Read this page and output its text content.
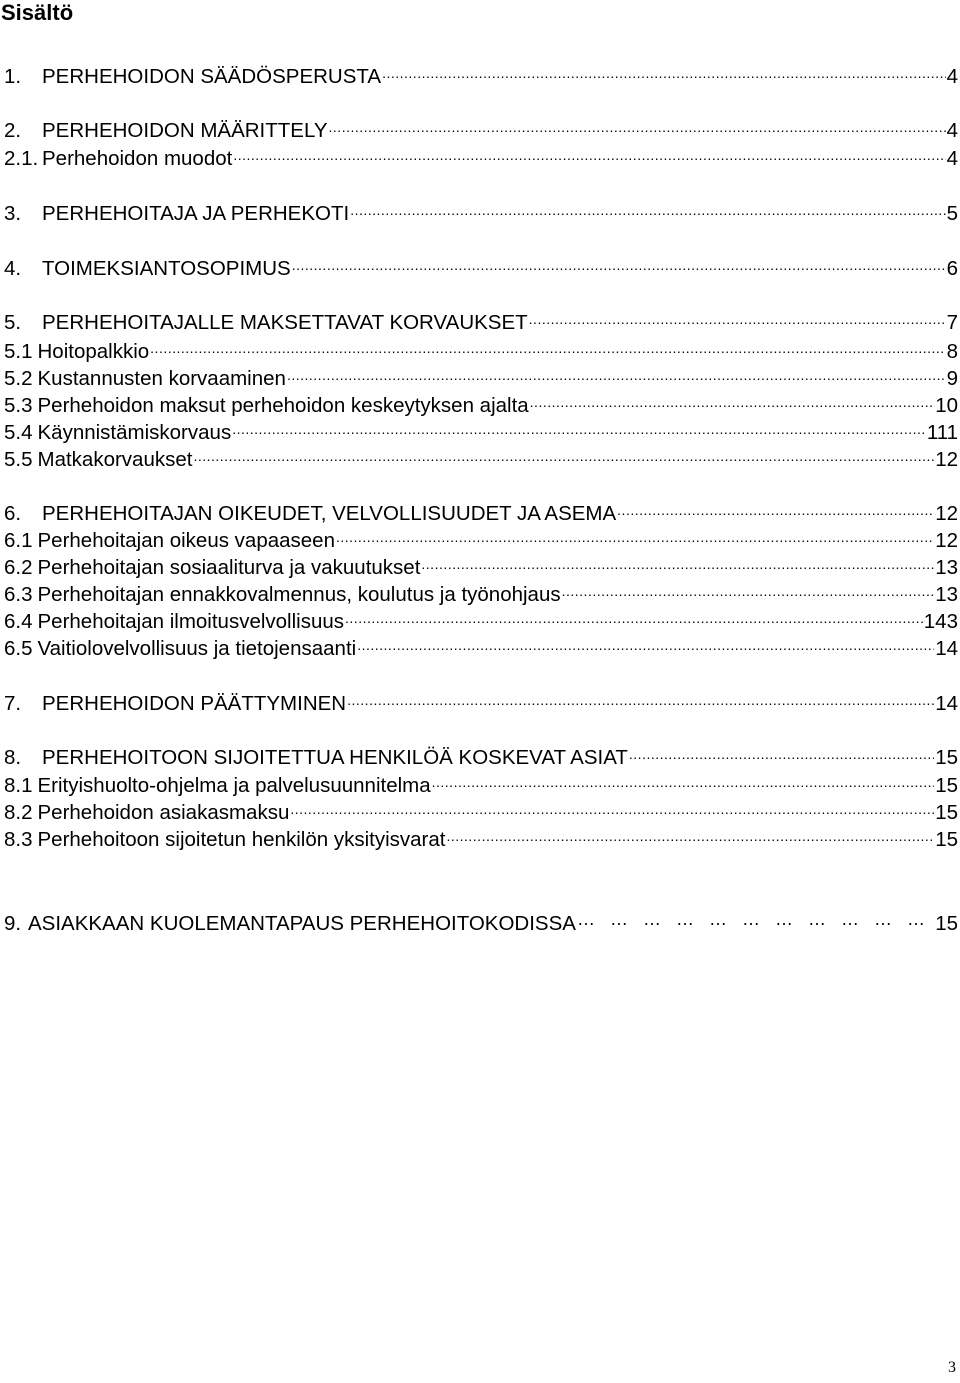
Sisältö
1.	PERHEHOIDON SÄÄDÖSPERUSTA .....	4
2.	PERHEHOIDON MÄÄRITTELY .....	4
2.1. Perhehoidon muodot .....	4
3.	PERHEHOITAJA JA PERHEKOTI .....	5
4.	TOIMEKSIANTOSOPIMUS .....	6
5.	PERHEHOITAJALLE MAKSETTAVAT KORVAUKSET .....	7
5.1 Hoitopalkkio .....	8
5.2 Kustannusten korvaaminen .....	9
5.3 Perhehoidon maksut perhehoidon keskeytyksen ajalta .....	10
5.4 Käynnistämiskorvaus .....	111
5.5 Matkakorvaukset .....	12
6.	PERHEHOITAJAN OIKEUDET, VELVOLLISUUDET JA ASEMA .....	12
6.1 Perhehoitajan oikeus vapaaseen .....	12
6.2 Perhehoitajan sosiaaliturva ja vakuutukset .....	13
6.3 Perhehoitajan ennakkovalmennus, koulutus ja työnohjaus .....	13
6.4 Perhehoitajan ilmoitusvelvollisuus .....	143
6.5 Vaitiolovelvollisuus ja tietojensaanti .....	14
7.	PERHEHOIDON PÄÄTTYMINEN .....	14
8.	PERHEHOITOON SIJOITETTUA HENKILÖÄ KOSKEVAT ASIAT .....	15
8.1 Erityishuolto-ohjelma ja palvelusuunnitelma .....	15
8.2 Perhehoidon asiakasmaksu .....	15
8.3 Perhehoitoon sijoitetun henkilön yksityisvarat .....	15
9. ASIAKKAAN KUOLEMANTAPAUS PERHEHOITOKODISSA …   …   …   …   …   …   …   …   …   …   …   …	15
3
